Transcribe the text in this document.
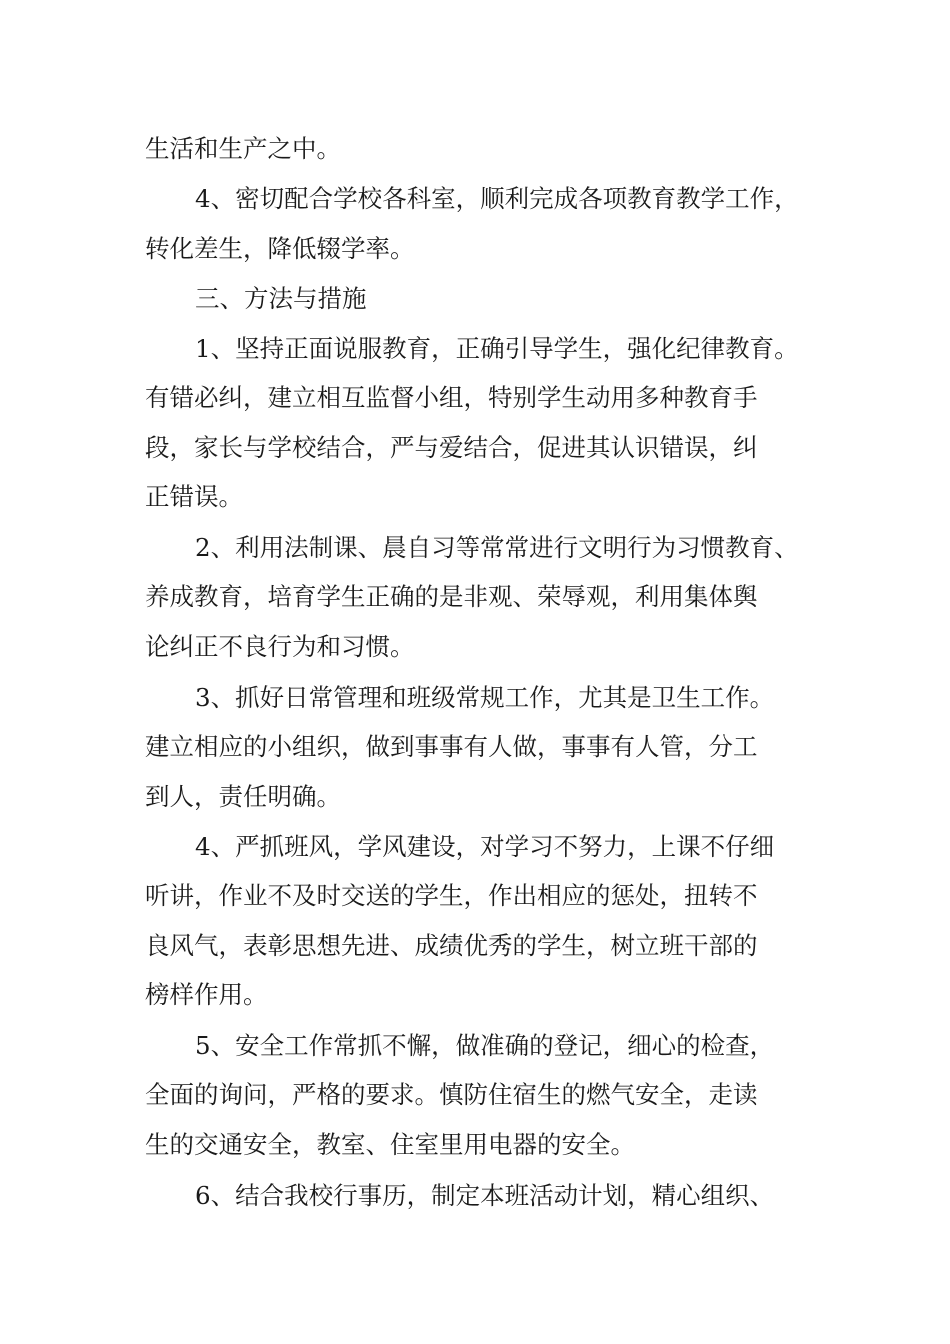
生活和生产之中。
4、密切配合学校各科室，顺利完成各项教育教学工作，
转化差生，降低辍学率。
三、方法与措施
1、坚持正面说服教育，正确引导学生，强化纪律教育。
有错必纠，建立相互监督小组，特别学生动用多种教育手
段，家长与学校结合，严与爱结合，促进其认识错误，纠
正错误。
2、利用法制课、晨自习等常常进行文明行为习惯教育、
养成教育，培育学生正确的是非观、荣辱观，利用集体舆
论纠正不良行为和习惯。
3、抓好日常管理和班级常规工作，尤其是卫生工作。
建立相应的小组织，做到事事有人做，事事有人管，分工
到人，责任明确。
4、严抓班风，学风建设，对学习不努力，上课不仔细
听讲，作业不及时交送的学生，作出相应的惩处，扭转不
良风气，表彰思想先进、成绩优秀的学生，树立班干部的
榜样作用。
5、安全工作常抓不懈，做准确的登记，细心的检查，
全面的询问，严格的要求。慎防住宿生的燃气安全，走读
生的交通安全，教室、住室里用电器的安全。
6、结合我校行事历，制定本班活动计划，精心组织、
